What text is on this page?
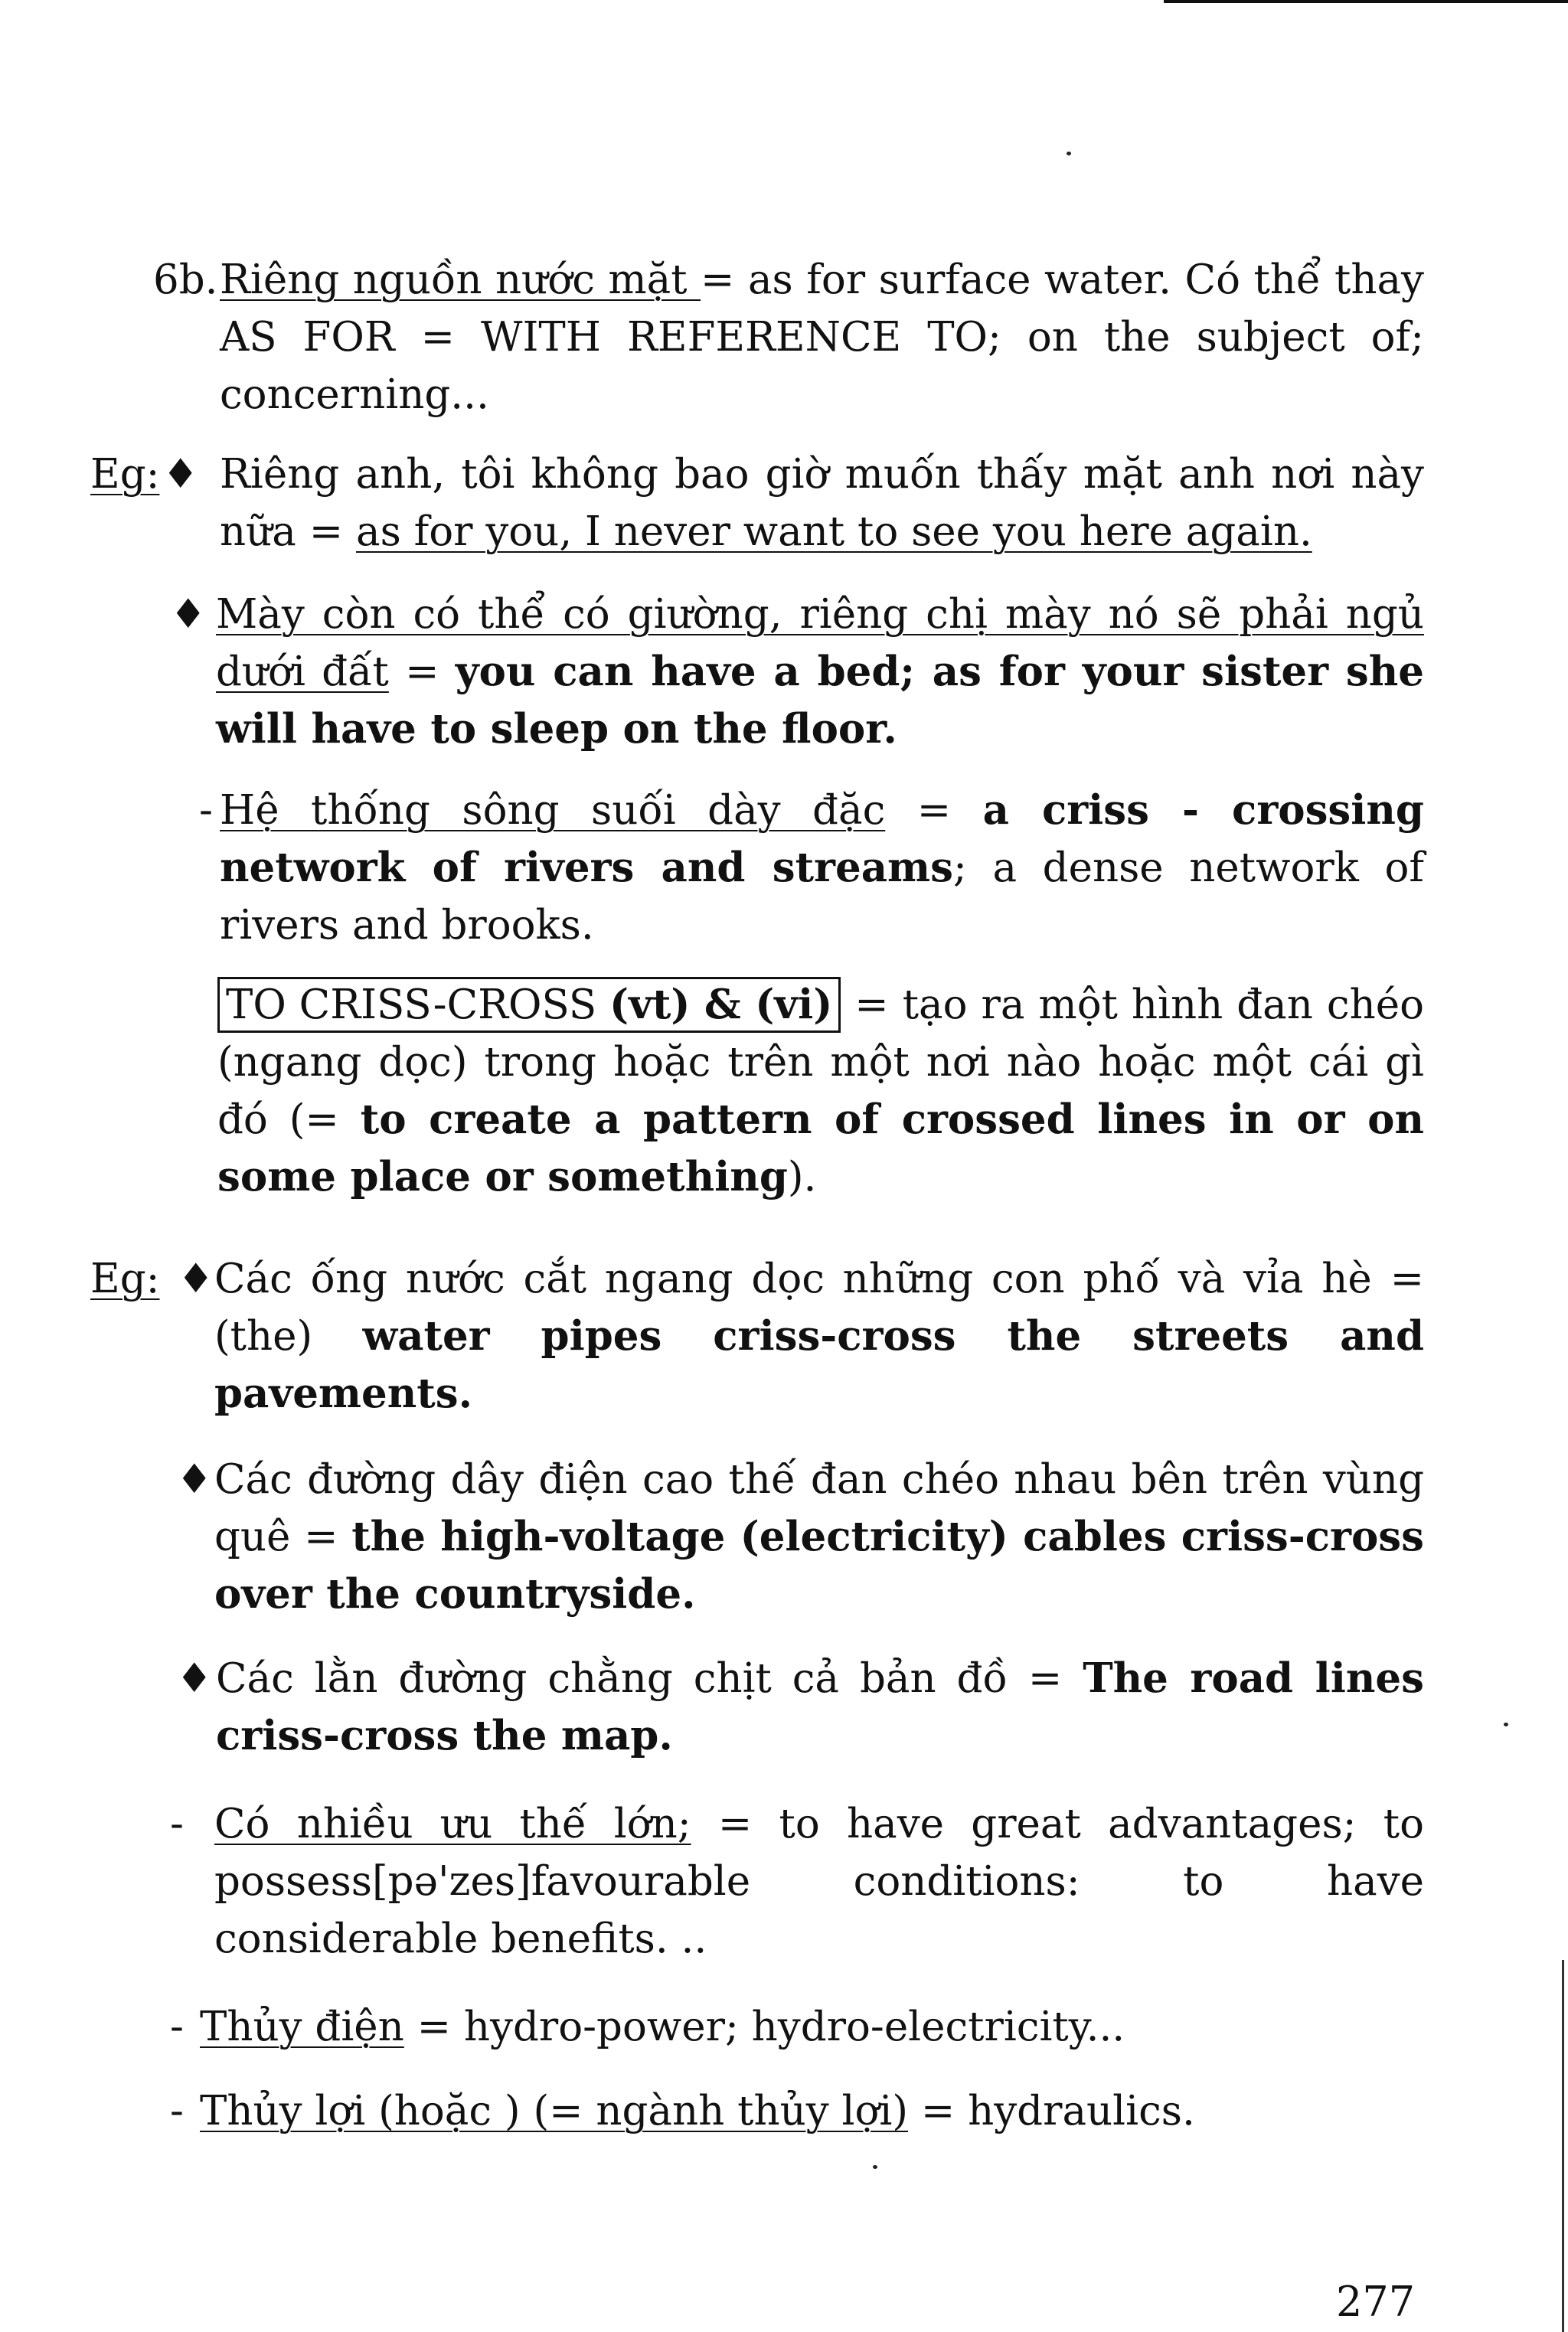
6b. Riêng nguồn nước mặt = as for surface water. Có thể thay AS FOR = WITH REFERENCE TO; on the subject of; concerning...

Eg: ♦ Riêng anh, tôi không bao giờ muốn thấy mặt anh nơi này nữa = as for you, I never want to see you here again.

♦ Mày còn có thể có giường, riêng chị mày nó sẽ phải ngủ dưới đất = you can have a bed; as for your sister she will have to sleep on the floor.

- Hệ thống sông suối dày đặc = a criss - crossing network of rivers and streams; a dense network of rivers and brooks.

TO CRISS-CROSS (vt) & (vi) = tạo ra một hình đan chéo (ngang dọc) trong hoặc trên một nơi nào hoặc một cái gì đó (= to create a pattern of crossed lines in or on some place or something).

Eg: ♦ Các ống nước cắt ngang dọc những con phố và vỉa hè = (the) water pipes criss-cross the streets and pavements.

♦ Các đường dây điện cao thế đan chéo nhau bên trên vùng quê = the high-voltage (electricity) cables criss-cross over the countryside.

♦ Các lằn đường chằng chịt cả bản đồ = The road lines criss-cross the map.

- Có nhiều ưu thế lớn; = to have great advantages; to possess[pə'zes]favourable conditions: to have considerable benefits. ..

- Thủy điện = hydro-power; hydro-electricity...

- Thủy lợi (hoặc ) (= ngành thủy lợi) = hydraulics.

277
